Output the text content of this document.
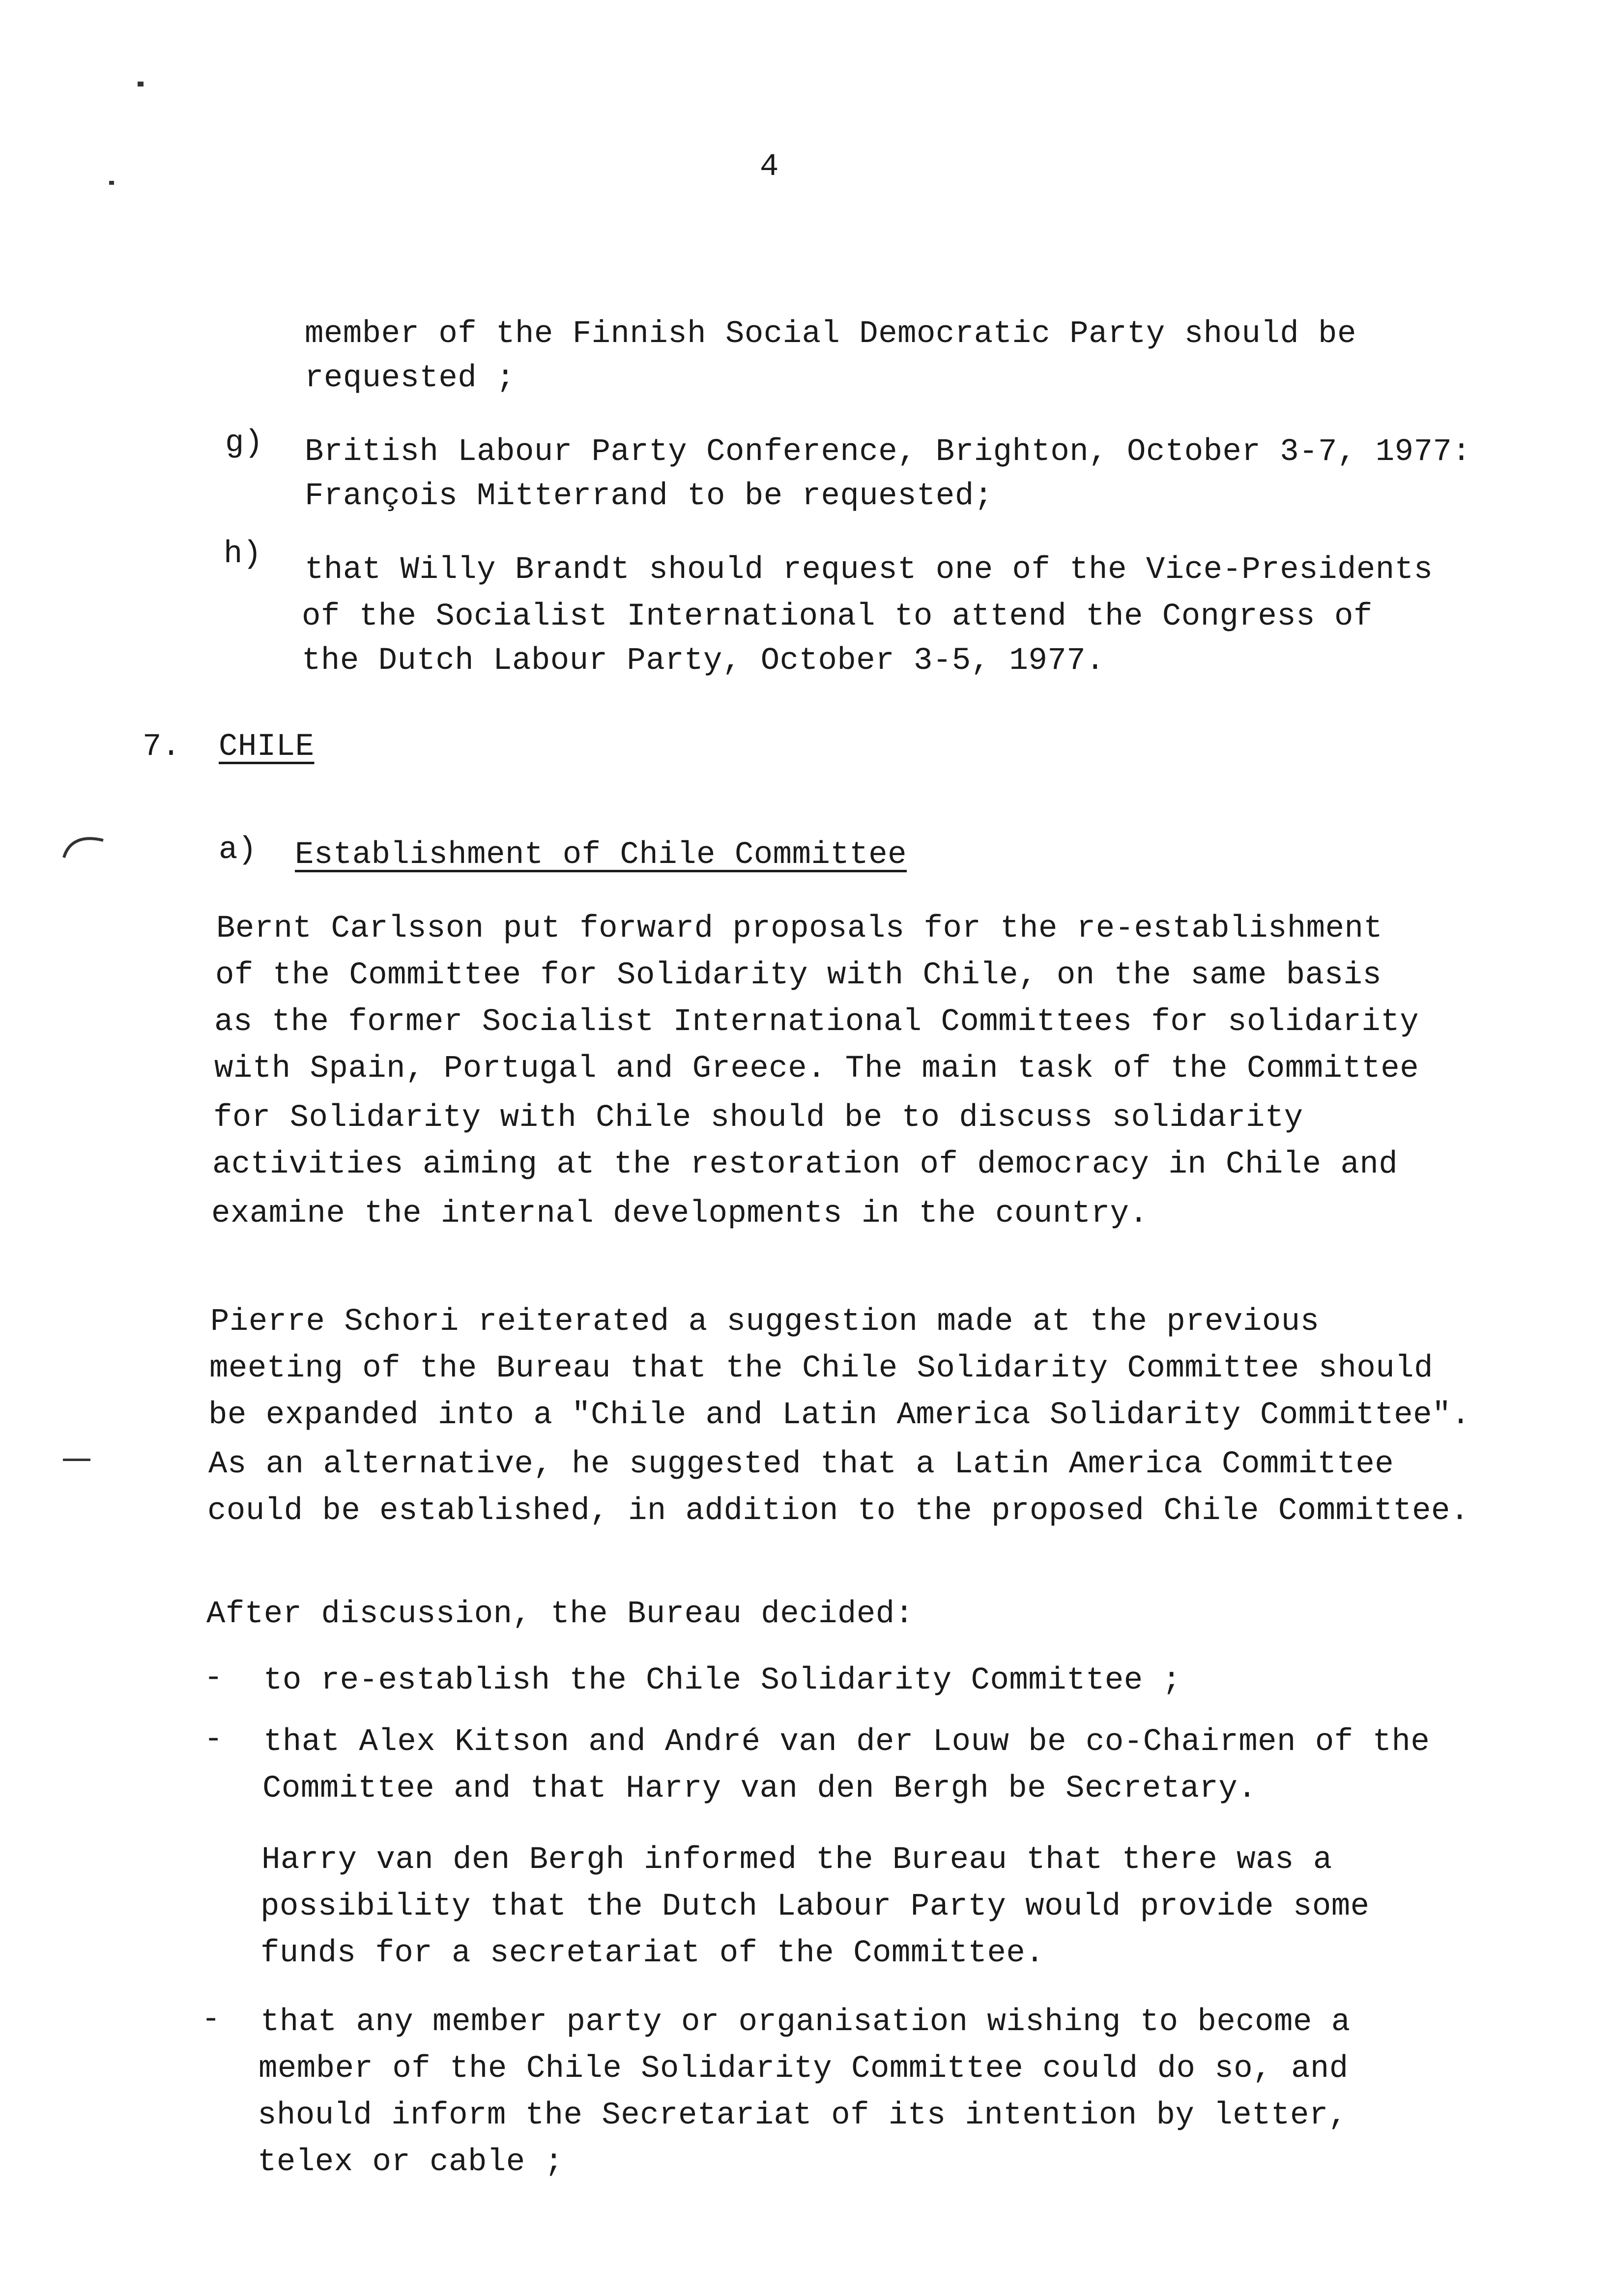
4
member of the Finnish Social Democratic Party should be
requested ;
g) British Labour Party Conference, Brighton, October 3-7, 1977:
François Mitterrand to be requested;
h) that Willy Brandt should request one of the Vice-Presidents
of the Socialist International to attend the Congress of
the Dutch Labour Party, October 3-5, 1977.
7. CHILE
a) Establishment of Chile Committee
Bernt Carlsson put forward proposals for the re-establishment
of the Committee for Solidarity with Chile, on the same basis
as the former Socialist International Committees for solidarity
with Spain, Portugal and Greece. The main task of the Committee
for Solidarity with Chile should be to discuss solidarity
activities aiming at the restoration of democracy in Chile and
examine the internal developments in the country.
Pierre Schori reiterated a suggestion made at the previous
meeting of the Bureau that the Chile Solidarity Committee should
be expanded into a "Chile and Latin America Solidarity Committee".
As an alternative, he suggested that a Latin America Committee
could be established, in addition to the proposed Chile Committee.
After discussion, the Bureau decided:
- to re-establish the Chile Solidarity Committee ;
- that Alex Kitson and André van der Louw be co-Chairmen of the
Committee and that Harry van den Bergh be Secretary.
Harry van den Bergh informed the Bureau that there was a
possibility that the Dutch Labour Party would provide some
funds for a secretariat of the Committee.
- that any member party or organisation wishing to become a
member of the Chile Solidarity Committee could do so, and
should inform the Secretariat of its intention by letter,
telex or cable ;
